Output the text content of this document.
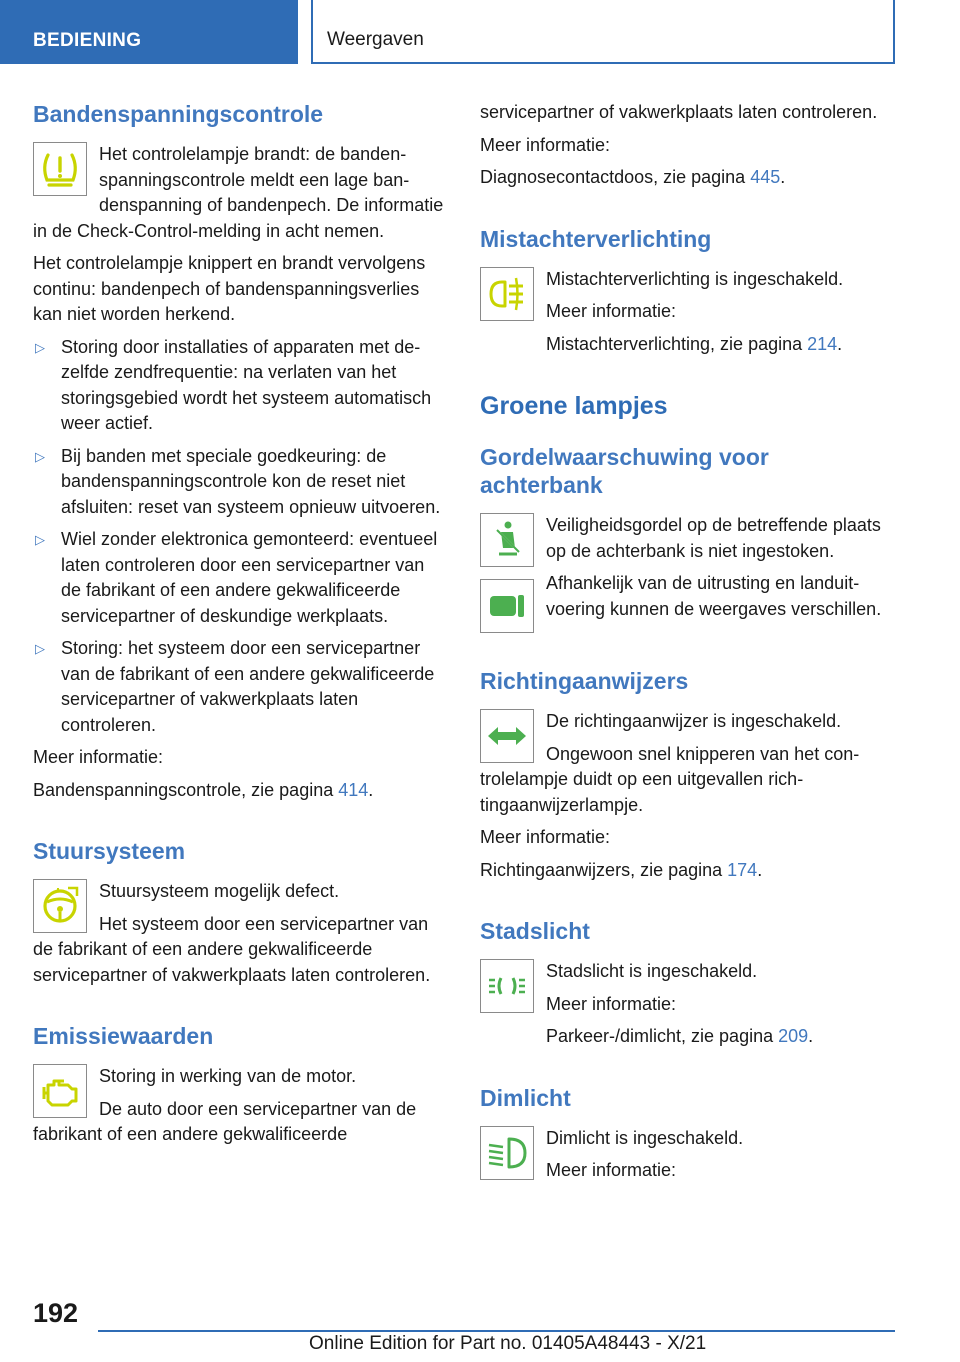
BEDIENING	Weergaven
Bandenspanningscontrole

Het controlelampje brandt: de bandenspanningscontrole meldt een lage bandenspanning of bandenpech. De informatie in de Check-Control-melding in acht nemen.

Het controlelampje knippert en brandt vervolgens continu: bandenpech of bandenspanningsverlies kan niet worden herkend.

▷ Storing door installaties of apparaten met dezelfde zendfrequentie: na verlaten van het storingsgebied wordt het systeem automatisch weer actief.
▷ Bij banden met speciale goedkeuring: de bandenspanningscontrole kon de reset niet afsluiten: reset van systeem opnieuw uitvoeren.
▷ Wiel zonder elektronica gemonteerd: eventueel laten controleren door een servicepartner van de fabrikant of een andere gekwalificeerde servicepartner of deskundige werkplaats.
▷ Storing: het systeem door een servicepartner van de fabrikant of een andere gekwalificeerde servicepartner of vakwerkplaats laten controleren.

Meer informatie:

Bandenspanningscontrole, zie pagina 414.

Stuursysteem

Stuursysteem mogelijk defect.

Het systeem door een servicepartner van de fabrikant of een andere gekwalificeerde servicepartner of vakwerkplaats laten controleren.

Emissiewaarden

Storing in werking van de motor.

De auto door een servicepartner van de fabrikant of een andere gekwalificeerde

servicepartner of vakwerkplaats laten controleren.

Meer informatie:

Diagnosecontactdoos, zie pagina 445.

Mistachterverlichting

Mistachterverlichting is ingeschakeld.

Meer informatie:

Mistachterverlichting, zie pagina 214.

Groene lampjes
Gordelwaarschuwing voor achterbank

Veiligheidsgordel op de betreffende plaats op de achterbank is niet ingestoken.

Afhankelijk van de uitrusting en landuitvoering kunnen de weergaves verschillen.

Richtingaanwijzers

De richtingaanwijzer is ingeschakeld.

Ongewoon snel knipperen van het controlelampje duidt op een uitgevallen richtingaanwijzerlampje.

Meer informatie:

Richtingaanwijzers, zie pagina 174.

Stadslicht

Stadslicht is ingeschakeld.

Meer informatie:

Parkeer-/dimlicht, zie pagina 209.

Dimlicht

Dimlicht is ingeschakeld.

Meer informatie:

192
Online Edition for Part no. 01405A48443 - X/21
